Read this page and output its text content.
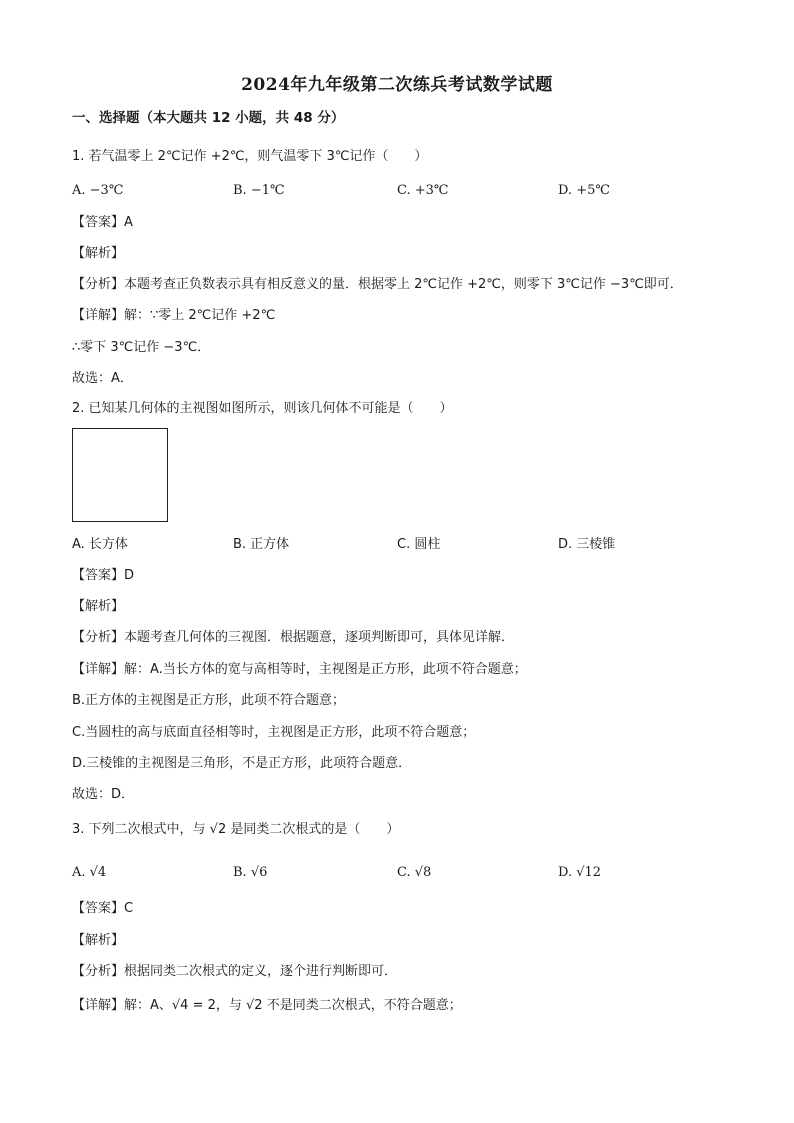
2024年九年级第二次练兵考试数学试题
一、选择题（本大题共 12 小题，共 48 分）
1. 若气温零上 2℃记作 +2℃，则气温零下 3℃记作（　　）
A. −3℃	B. −1℃	C. +3℃	D. +5℃
【答案】A
【解析】
【分析】本题考查正负数表示具有相反意义的量．根据零上 2℃记作 +2℃，则零下 3℃记作 −3℃即可．
【详解】解：∵零上 2℃记作 +2℃
∴零下 3℃记作 −3℃．
故选：A．
2. 已知某几何体的主视图如图所示，则该几何体不可能是（　　）
A. 长方体	B. 正方体	C. 圆柱	D. 三棱锥
【答案】D
【解析】
【分析】本题考查几何体的三视图．根据题意，逐项判断即可，具体见详解．
【详解】解：A.当长方体的宽与高相等时，主视图是正方形，此项不符合题意；
B.正方体的主视图是正方形，此项不符合题意；
C.当圆柱的高与底面直径相等时，主视图是正方形，此项不符合题意；
D.三棱锥的主视图是三角形，不是正方形，此项符合题意．
故选：D．
3. 下列二次根式中，与 √2 是同类二次根式的是（　　）
A. √4	B. √6	C. √8	D. √12
【答案】C
【解析】
【分析】根据同类二次根式的定义，逐个进行判断即可．
【详解】解：A、√4 = 2，与 √2 不是同类二次根式，不符合题意；
